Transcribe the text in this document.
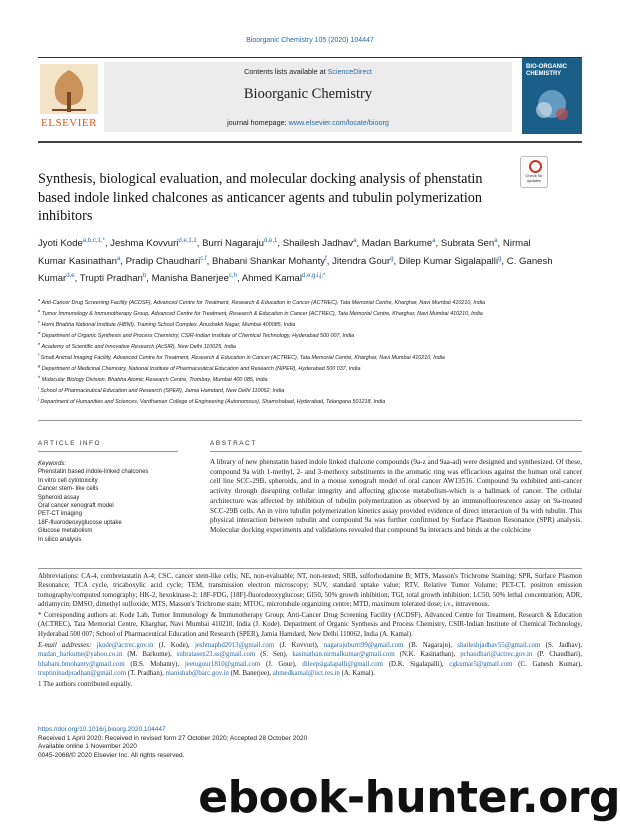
Bioorganic Chemistry 105 (2020) 104447
ELSEVIER
Contents lists available at ScienceDirect
Bioorganic Chemistry
journal homepage: www.elsevier.com/locate/bioorg
BIO-ORGANIC CHEMISTRY
Check for updates
Synthesis, biological evaluation, and molecular docking analysis of phenstatin based indole linked chalcones as anticancer agents and tubulin polymerization inhibitors
Jyoti Kode$^{a,b,c,1,*}$, Jeshma Kovvuri$^{d,e,1,1}$, Burri Nagaraju$^{d,e,1}$, Shailesh Jadhav$^a$, Madan Barkume$^a$, Subrata Sen$^a$, Nirmal Kumar Kasinathan$^a$, Pradip Chaudhari$^{c,f}$, Bhabani Shankar Mohanty$^f$, Jitendra Gour$^g$, Dilep Kumar Sigalapalli$^g$, C. Ganesh Kumar$^{d,e}$, Trupti Pradhan$^b$, Manisha Banerjee$^{c,h}$, Ahmed Kamal$^{d,e,g,i,j,*}$
$^a$ Anti-Cancer Drug Screening Facility (ACDSF), Advanced Centre for Treatment, Research & Education in Cancer (ACTREC), Tata Memorial Centre, Kharghar, Navi Mumbai 410210, India
$^b$ Tumor Immunology & Immunotherapy Group, Advanced Centre for Treatment, Research & Education in Cancer (ACTREC), Tata Memorial Centre, Kharghar, Navi Mumbai 410210, India
$^c$ Homi Bhabha National Institute (HBNI), Training School Complex, Anushakti Nagar, Mumbai 400085, India
$^d$ Department of Organic Synthesis and Process Chemistry, CSIR-Indian Institute of Chemical Technology, Hyderabad 500 007, India
$^e$ Academy of Scientific and Innovative Research (AcSIR), New Delhi 110025, India
$^f$ Small Animal Imaging Facility, Advanced Centre for Treatment, Research & Education in Cancer (ACTREC), Tata Memorial Centre, Kharghar, Navi Mumbai 410210, India
$^g$ Department of Medicinal Chemistry, National Institute of Pharmaceutical Education and Research (NIPER), Hyderabad 500 037, India
$^h$ Molecular Biology Division, Bhabha Atomic Research Centre, Trombay, Mumbai 400 085, India
$^i$ School of Pharmaceutical Education and Research (SPER), Jamia Hamdard, New Delhi 110062, India
$^j$ Department of Humanities and Sciences, Vardhaman College of Engineering (Autonomous), Shamshabad, Hyderabad, Telangana 501218, India
ARTICLE INFO	ABSTRACT
Keywords:
Phenstatin based indole-linked chalcones
In vitro cell cytotoxicity
Cancer stem- like cells
Spheroid assay
Oral cancer xenograft model
PET-CT imaging
18F-fluorodeoxyglucose uptake
Glucose metabolism
In silico analysis
A library of new phenstatin based indole linked chalcone compounds (9a-z and 9aa-ad) were designed and synthesized. Of these, compound 9a with 1-methyl, 2- and 3-methoxy substituents in the aromatic ring was efficacious against the human oral cancer cell line SCC-29B, spheroids, and in a mouse xenograft model of oral cancer AW13516. Compound 9a exhibited anti-cancer activity through disrupting cellular integrity and affecting glucose metabolism-which is a hallmark of cancer. The cellular architecture was affected by inhibition of tubulin polymerization as observed by an immunofluorescence assay on 9a-treated SCC-29B cells. An in vitro tubulin polymerization kinetics assay provided evidence of direct interaction of 9a with tubulin. This physical interaction between tubulin and compound 9a was further confirmed by Surface Plasmon Resonance (SPR) analysis. Molecular docking experiments and validations revealed that compound 9a interacts and binds at the colchicine

Abbreviations: CA-4, combretastatin A-4; CSC, cancer stem-like cells; NE, non-evaluable; NT, non-tested; SRB, sulforhodamine B; MTS, Masson's Trichrome Staining; SPR, Surface Plasmon Resonance; TCA cycle, tricaboxylic acid cycle; TEM, transmission electron microscopy; SUV, standard uptake value; RTV, Relative Tumor Volume; PET-CT, positron emission tomography/computed tomography; HK-2, hexokinase-2; 18F-FDG, [18F]-fluorodeoxyglucose; GI50, 50% growth inhibition; TGI, total growth inhibition; LC50, 50% lethal concentration; ADR, adriamycin; DMSO, dimethyl sulfoxide; MTS, Masson's Trichrome stain; MTOC, microtubule organizing centre; MTD, maximum tolerated dose; i.v., intravenous.

* Corresponding authors at: Kode Lab, Tumor Immunology & Immunotherapy Group; Anti-Cancer Drug Screening Facility (ACDSF), Advanced Centre for Treatment, Research & Education (ACTREC), Tata Memorial Centre, Kharghar, Navi Mumbai 410210, India (J. Kode). Department of Organic Synthesis and Process Chemistry, CSIR-Indian Institute of Chemical Technology, Hyderabad 500 007; School of Pharmaceutical Education and Research (SPER), Jamia Hamdard, New Delhi 110062, India (A. Kamal).

E-mail addresses: jkode@actrec.gov.in (J. Kode), jeshmaphd2013@gmail.com (J. Kovvuri), nagarajuburri99@gmail.com (B. Nagaraju), shaileshjadhav55@gmail.com (S. Jadhav), madan_barkume@yahoo.co.in (M. Barkume), subratasen23.ss@gmail.com (S. Sen), kasinathan.nirmalkumar@gmail.com (N.K. Kasinathan), pchaudhari@actrec.gov.in (P. Chaudhari), bhabani.bmohanty@gmail.com (B.S. Mohanty), jeetugour1810@gmail.com (J. Gour), dileepsigalapalli@gmail.com (D.K. Sigalapalli), cgkumar5@gmail.com (C. Ganesh Kumar), truptininadpradhan@gmail.com (T. Pradhan), manishab@barc.gov.in (M. Banerjee), ahmedkamal@iict.res.in (A. Kamal).

1 The authors contributed equally.

https://doi.org/10.1016/j.bioorg.2020.104447
Received 1 April 2020; Received in revised form 27 October 2020; Accepted 28 October 2020
Available online 1 November 2020
0045-2068/© 2020 Elsevier Inc. All rights reserved.
ebook-hunter.org
